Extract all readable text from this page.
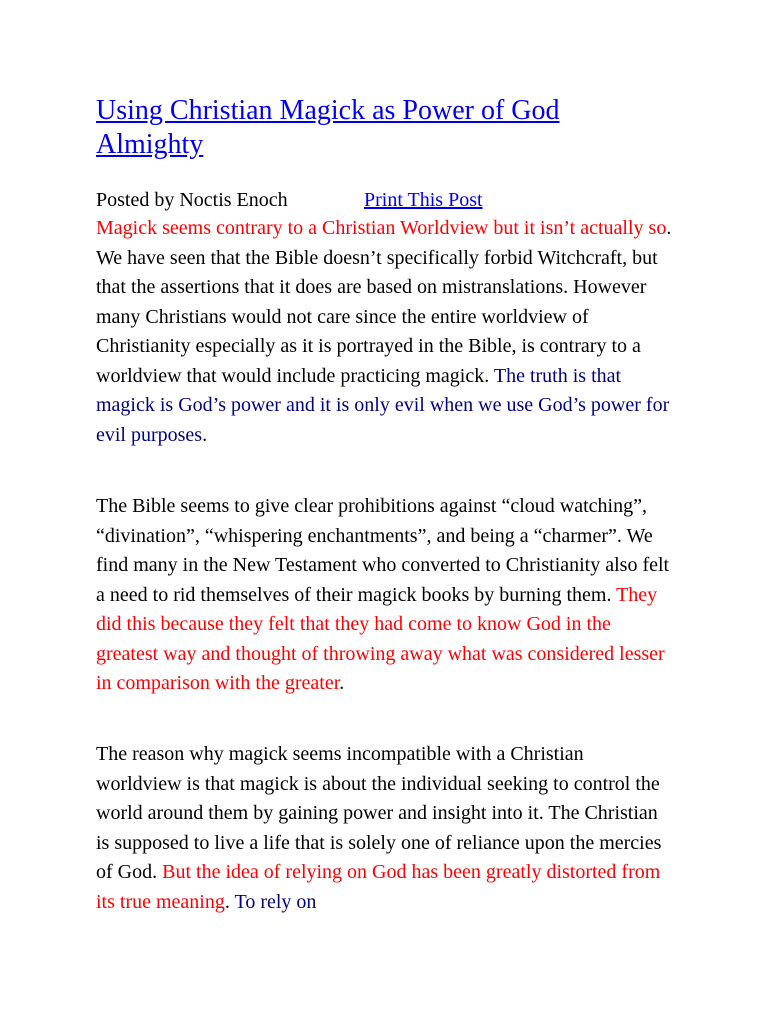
Using Christian Magick as Power of God Almighty
Posted by Noctis Enoch	Print This Post

Magick seems contrary to a Christian Worldview but it isn’t actually so. We have seen that the Bible doesn’t specifically forbid Witchcraft, but that the assertions that it does are based on mistranslations. However many Christians would not care since the entire worldview of Christianity especially as it is portrayed in the Bible, is contrary to a worldview that would include practicing magick. The truth is that magick is God’s power and it is only evil when we use God’s power for evil purposes.

The Bible seems to give clear prohibitions against “cloud watching”, “divination”, “whispering enchantments”, and being a “charmer”. We find many in the New Testament who converted to Christianity also felt a need to rid themselves of their magick books by burning them. They did this because they felt that they had come to know God in the greatest way and thought of throwing away what was considered lesser in comparison with the greater.

The reason why magick seems incompatible with a Christian worldview is that magick is about the individual seeking to control the world around them by gaining power and insight into it. The Christian is supposed to live a life that is solely one of reliance upon the mercies of God. But the idea of relying on God has been greatly distorted from its true meaning. To rely on
